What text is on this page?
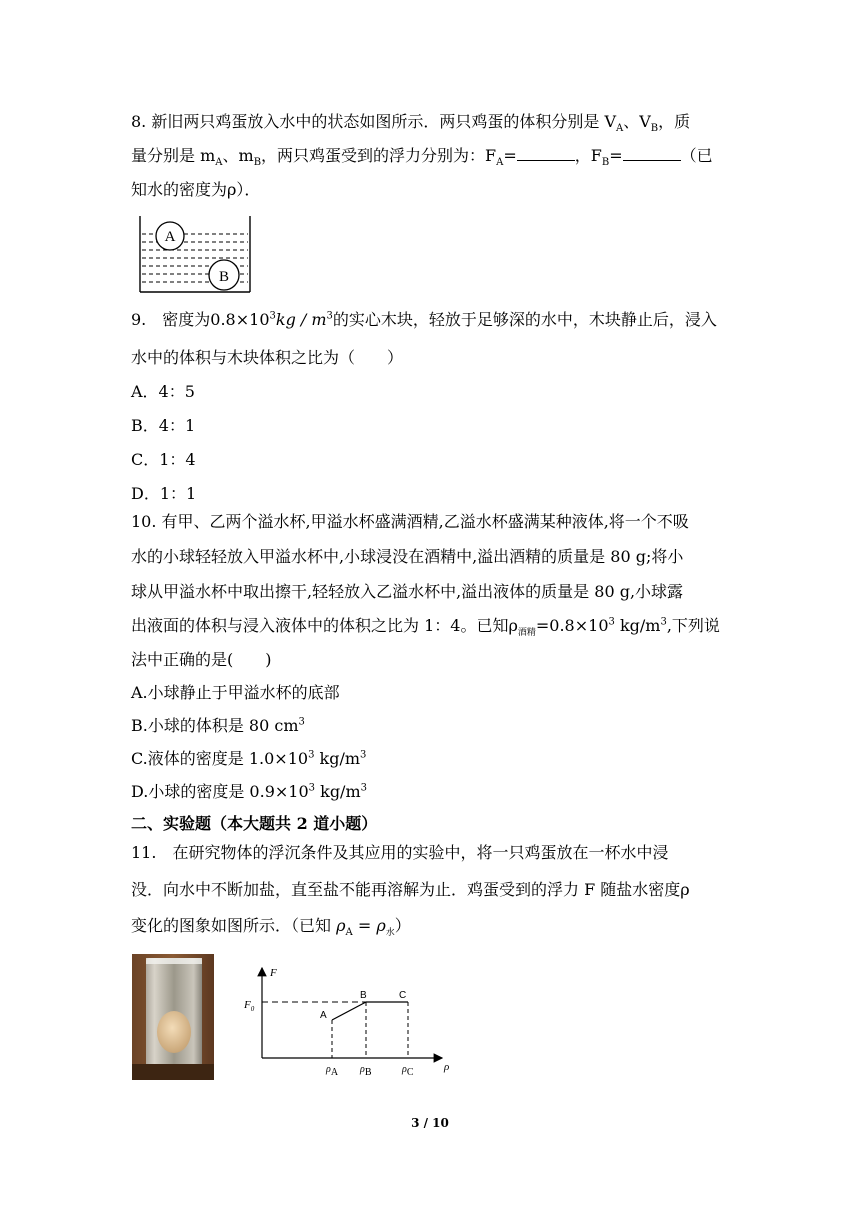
8. 新旧两只鸡蛋放入水中的状态如图所示．两只鸡蛋的体积分别是 $V_A$、$V_B$，质
量分别是 $m_A$、$m_B$，两只鸡蛋受到的浮力分别为：$F_A=$	，$F_B=$	（已
知水的密度为ρ）．
A
B
9.　密度为$0.8\times 10^3kg / m^3$的实心木块，轻放于足够深的水中，木块静止后，浸入
水中的体积与木块体积之比为（　　）
A．4：5
B．4：1
C．1：4
D．1：1
10. 有甲、乙两个溢水杯,甲溢水杯盛满酒精,乙溢水杯盛满某种液体,将一个不吸
水的小球轻轻放入甲溢水杯中,小球浸没在酒精中,溢出酒精的质量是 80 g;将小
球从甲溢水杯中取出擦干,轻轻放入乙溢水杯中,溢出液体的质量是 80 g,小球露
出液面的体积与浸入液体中的体积之比为 1：4。已知$\rho_{酒精}=0.8\times 10^3$ $kg/m^3$,下列说
法中正确的是(　　)
A.小球静止于甲溢水杯的底部
B.小球的体积是 80 $cm^3$
C.液体的密度是 $1.0\times 10^3$ $kg/m^3$
D.小球的密度是 $0.9\times 10^3$ $kg/m^3$
二、实验题（本大题共 2 道小题）
11.　在研究物体的浮沉条件及其应用的实验中，将一只鸡蛋放在一杯水中浸
没．向水中不断加盐，直至盐不能再溶解为止．鸡蛋受到的浮力 F 随盐水密度ρ
变化的图象如图所示．（已知 $\rho_A = \rho_水$）
F
ρ
$F_0$
A
B	C
ρA ρB	ρC
3 / 10
